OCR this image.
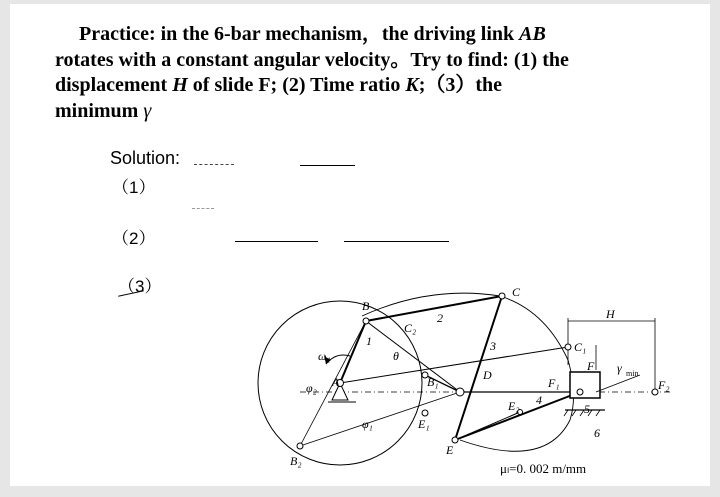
Practice: in the 6-bar mechanism，the driving link AB
rotates with a constant angular velocity。Try to find: (1) the
displacement H of slide F; (2) Time ratio K;（3）the
minimum γ
Solution:
（1）
（2）
（3）
B
C
C₂
C₁
2
3
1
θ
ω₁
A	B₁	D
F
F₁	F₂
E₁
E₂
E
4
5
6
φ₂
φ₁
B₂
H
γ min
μₗ=0. 002 m/mm
